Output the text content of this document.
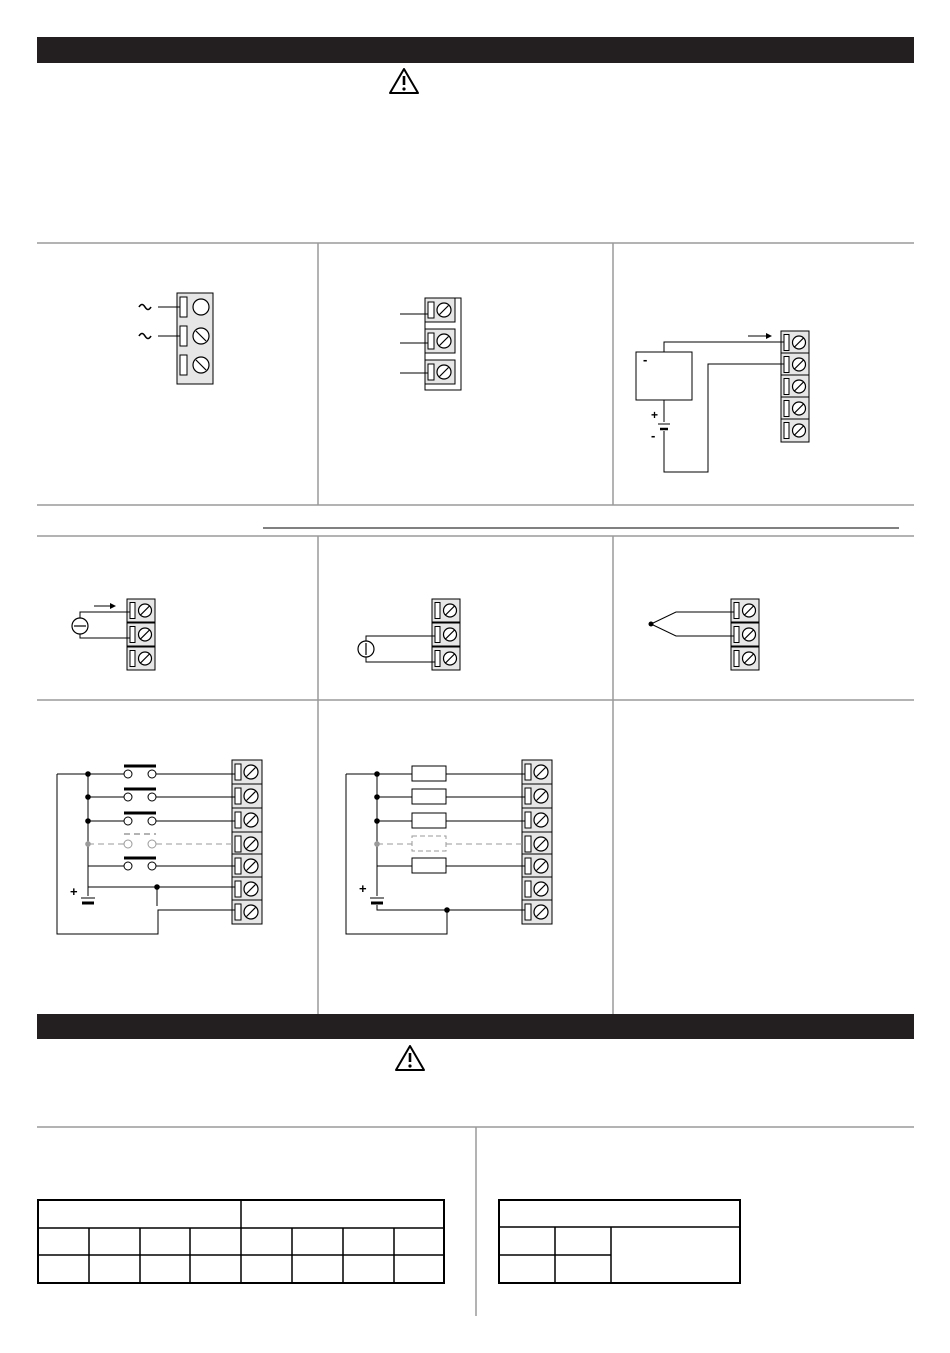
-
+
-
+	+
